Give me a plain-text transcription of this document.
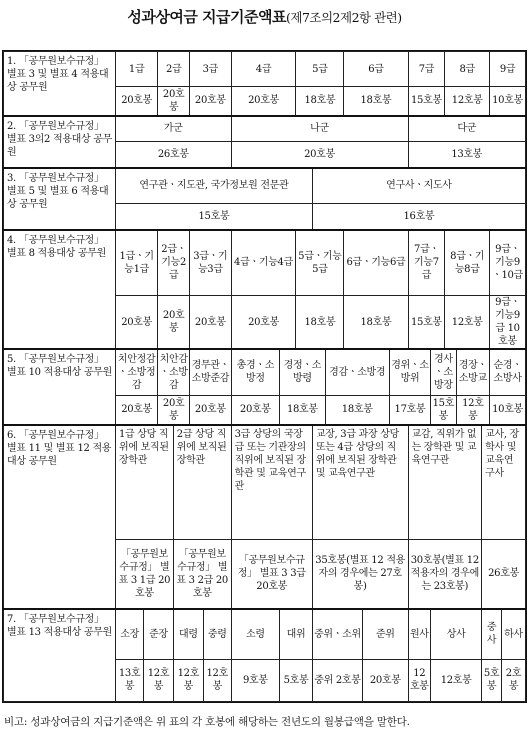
성과상여금 지급기준액표(제7조의2제2항 관련)
1. 「공무원보수규정」 별표 3 및 별표 4 적용대상 공무원	1급		2급		3급		4급		5급			6급			7급		8급			9급	
	20호봉		20호봉		20호봉		20호봉		18호봉			18호봉			15호봉		12호봉			10호봉	
2. 「공무원보수규정」 별표 3의2 적용대상 공무원	가군						나군								다군						
	26호봉						20호봉								13호봉						
3. 「공무원보수규정」 별표 5 및 별표 6 적용대상 공무원	연구관ㆍ지도관, 국가정보원 전문관									연구사ㆍ지도사											
	15호봉									16호봉											
4. 「공무원보수규정」 별표 8 적용대상 공무원	1급ㆍ기능1급		2급ㆍ기능2급		3급ㆍ기능3급		4급ㆍ기능4급		5급ㆍ기능5급			6급ㆍ기능6급			7급ㆍ기능7급		8급ㆍ기능8급			9급ㆍ기능9ㆍ10급	
	20호봉		20호봉		20호봉		20호봉		18호봉			18호봉			15호봉		12호봉			9급ㆍ기능9급 10호봉	
5. 「공무원보수규정」 별표 10 적용대상 공무원	치안정감ㆍ소방정감		치안감ㆍ소방감		경무관ㆍ소방준감		총경ㆍ소방정	경정ㆍ소방령			경감ㆍ소방경			경위ㆍ소방위		경사ㆍ소방장		경장ㆍ소방교		순경ㆍ소방사	
	20호봉		20호봉		20호봉		20호봉	18호봉			18호봉			17호봉		15호봉		12호봉		10호봉	
6. 「공무원보수규정」 별표 11 및 별표 12 적용대상 공무원	1급 상당 직위에 보직된 장학관			2급 상당 직위에 보직된 장학관			3급 상당의 국장급 또는 기관장의 직위에 보직된 장학관 및 교육연구관			교장, 3급 과장 상당 또는 4급 상당의 직위에 보직된 장학관 및 교육연구관					교감, 직위가 없는 장학관 및 교육연구관				교사, 장학사 및 교육연구사		
	「공무원보수규정」 별표 3 1급 20호봉			「공무원보수규정」 별표 3 2급 20호봉			「공무원보수규정」 별표 3 3급 20호봉			35호봉(별표 12 적용자의 경우에는 27호봉)					30호봉(별표 12 적용자의 경우에는 23호봉)				26호봉		
7. 「공무원보수규정」 별표 13 적용대상 공무원	소장	준장		대령		중령	소령	대위		중위ㆍ소위			준위		원사	상사			중사		하사
	13호봉	12호봉		12호봉		12호봉	9호봉	5호봉		중위 2호봉			20호봉		12호봉	12호봉			5호봉		2호봉
비고: 성과상여금의 지급기준액은 위 표의 각 호봉에 해당하는 전년도의 월봉급액을 말한다.
